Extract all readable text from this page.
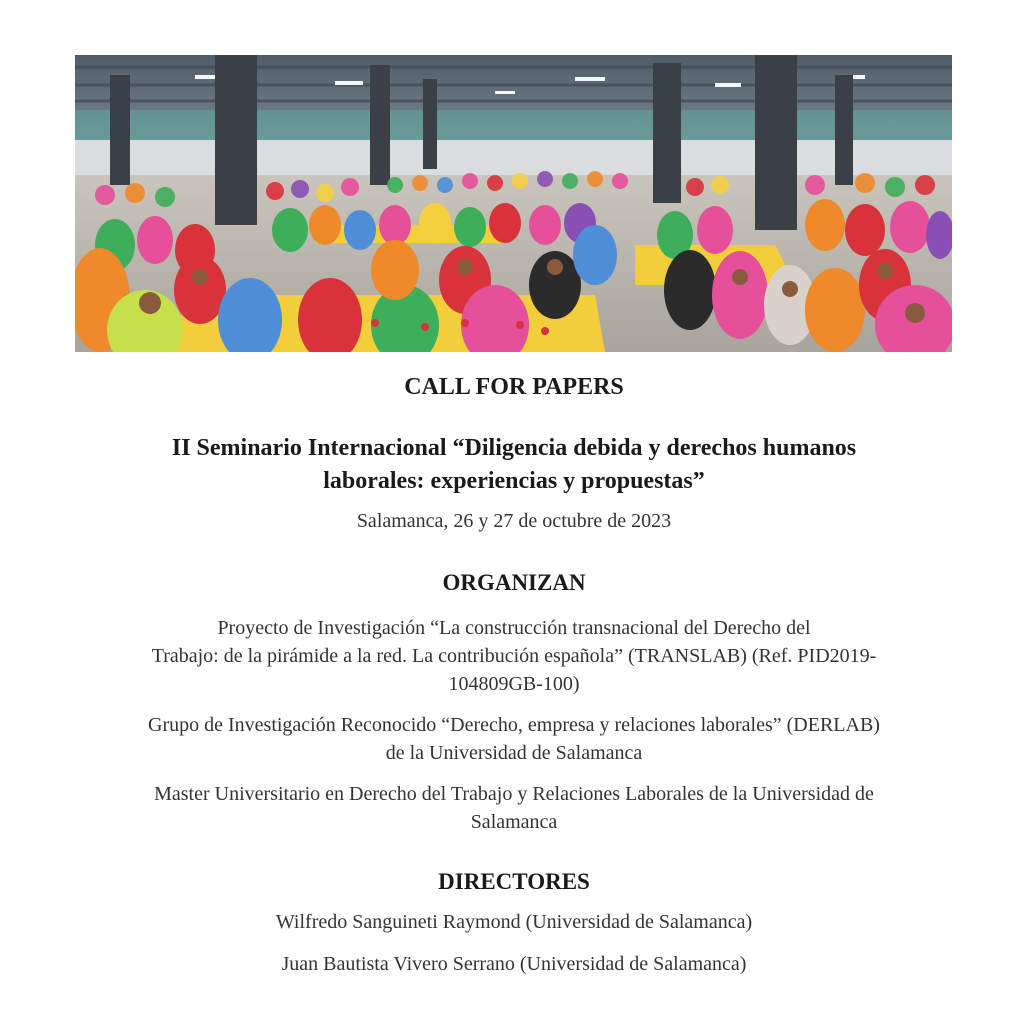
CALL FOR PAPERS

II Seminario Internacional “Diligencia debida y derechos humanos
laborales: experiencias y propuestas”

Salamanca, 26 y 27 de octubre de 2023

ORGANIZAN

Proyecto de Investigación “La construcción transnacional del Derecho del
Trabajo: de la pirámide a la red. La contribución española” (TRANSLAB) (Ref. PID2019-
104809GB-100)

Grupo de Investigación Reconocido “Derecho, empresa y relaciones laborales” (DERLAB)
de la Universidad de Salamanca

Master Universitario en Derecho del Trabajo y Relaciones Laborales de la Universidad de
Salamanca

DIRECTORES

Wilfredo Sanguineti Raymond (Universidad de Salamanca)

Juan Bautista Vivero Serrano (Universidad de Salamanca)
